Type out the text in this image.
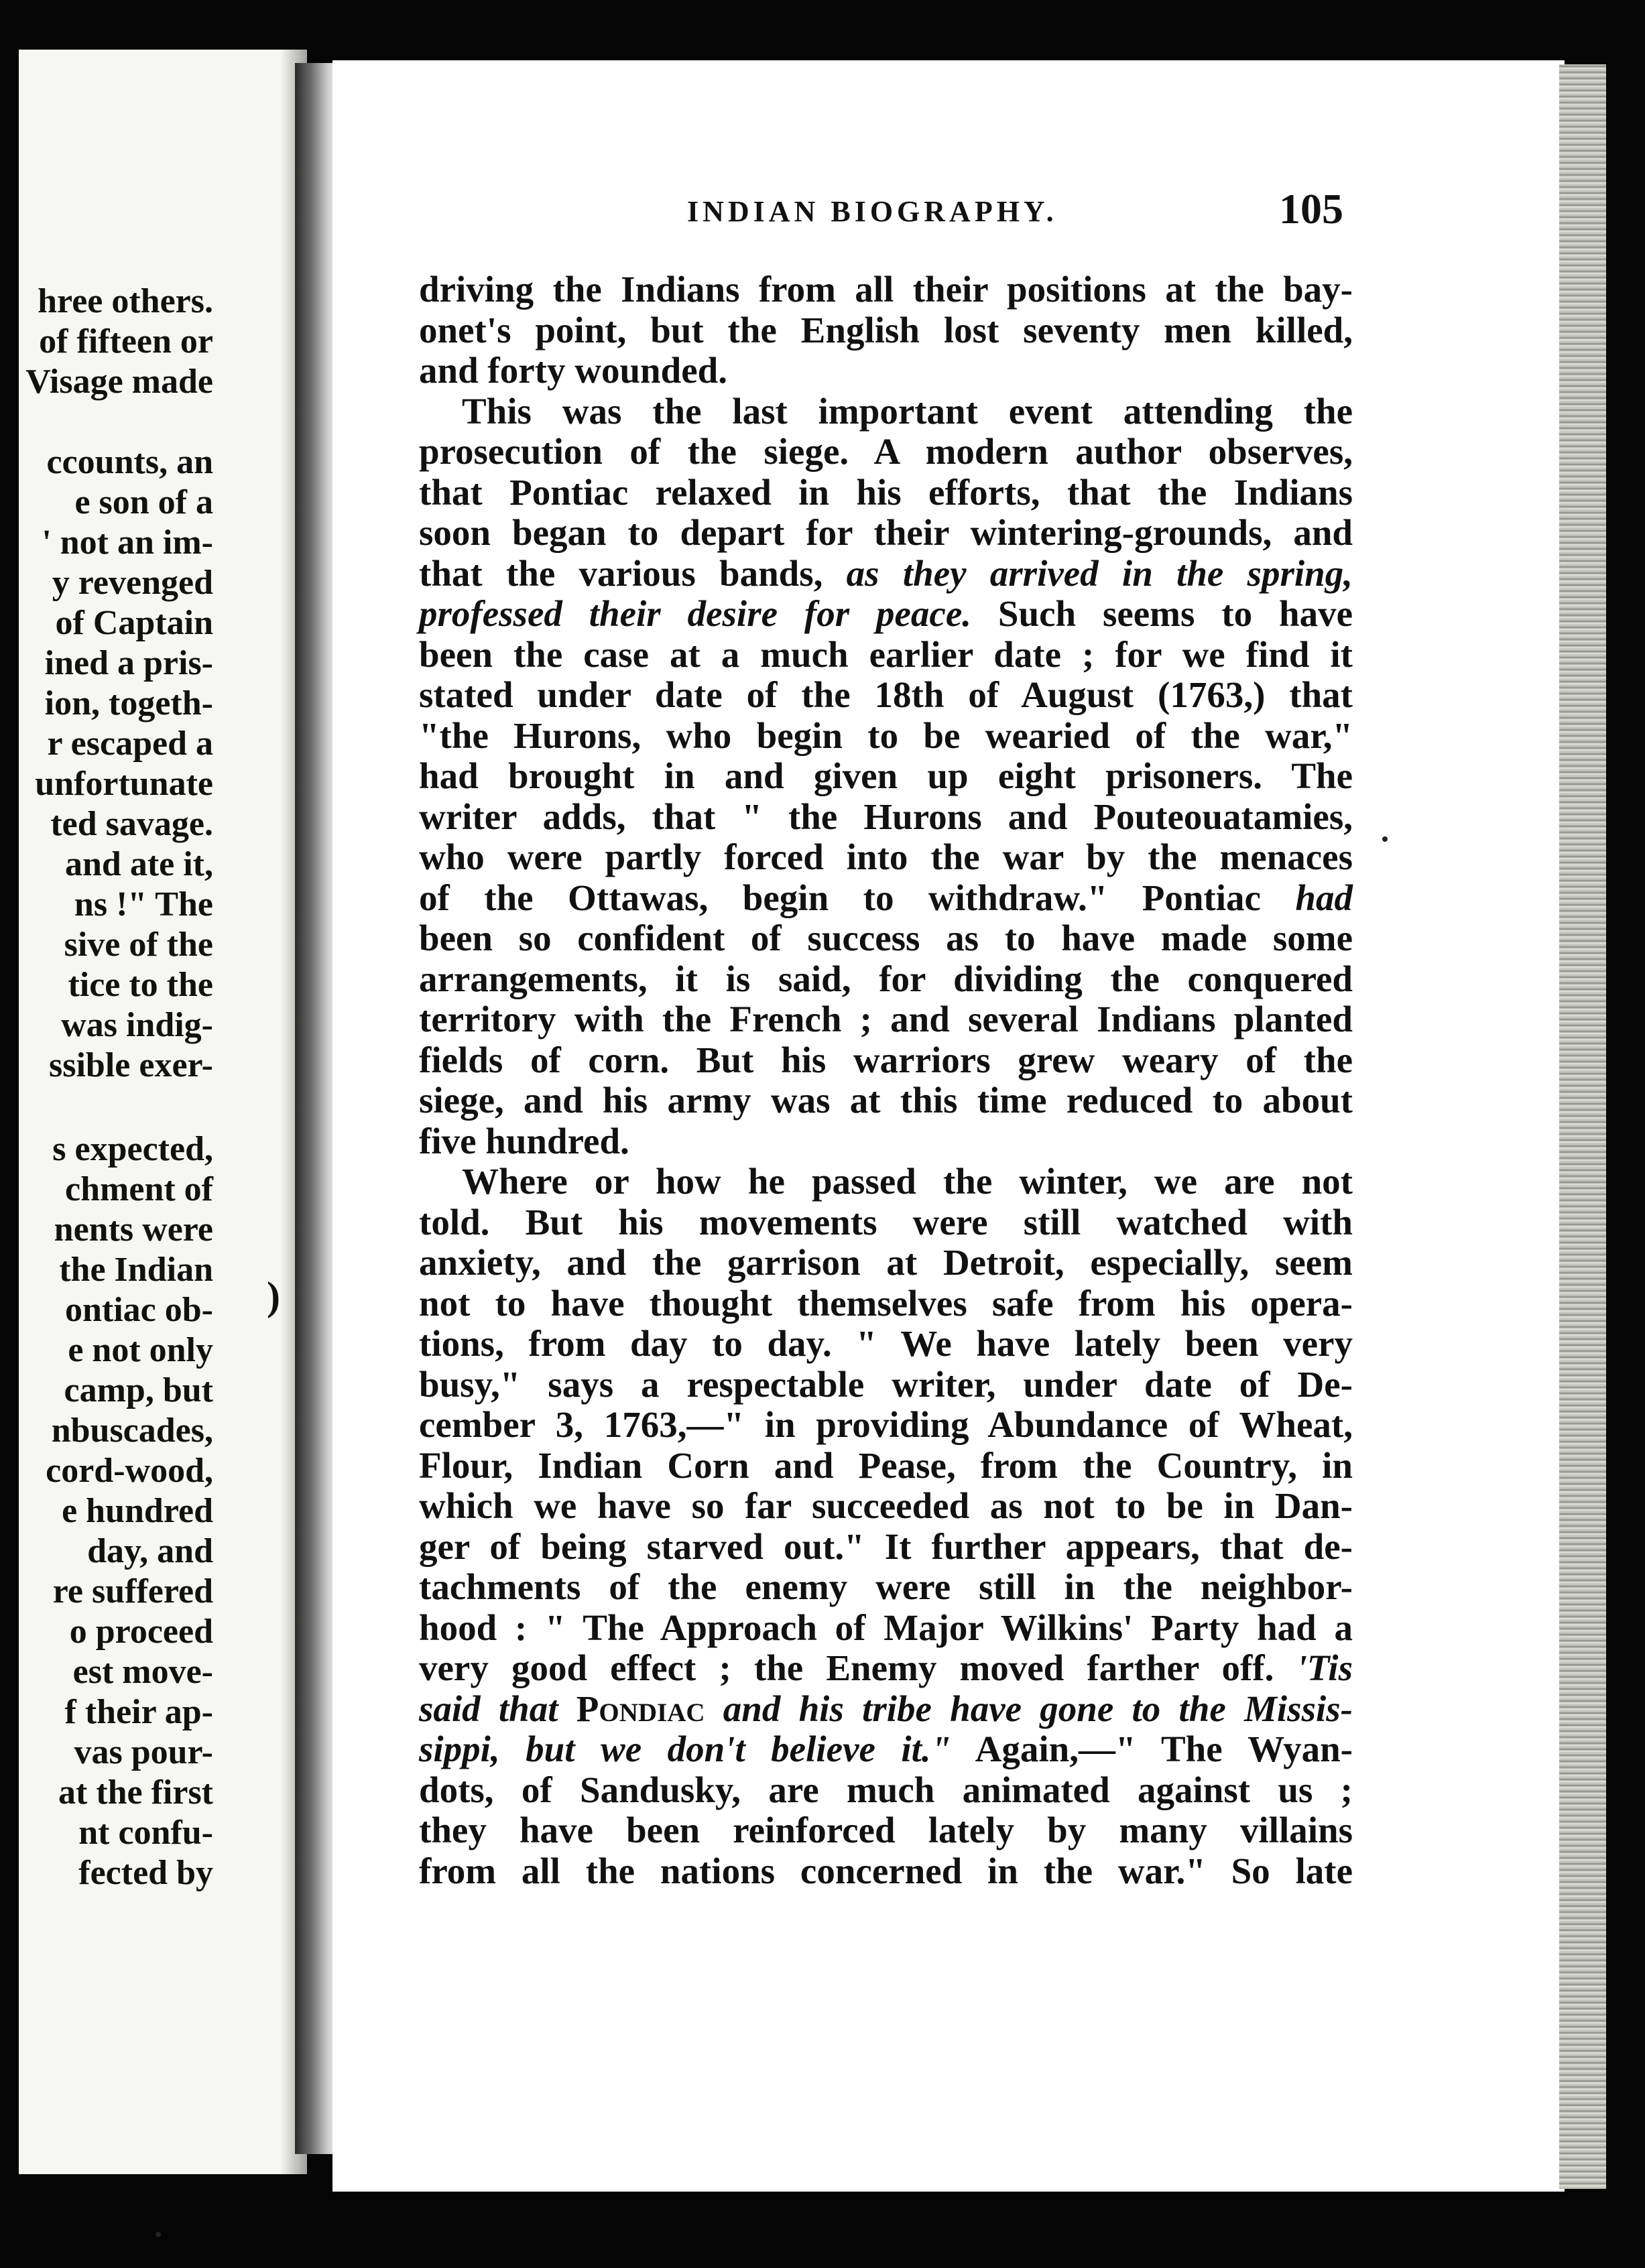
hree others.
of fifteen or
Visage made
ccounts, an
e son of a
' not an im-
y revenged
of Captain
ined a pris-
ion, togeth-
r escaped a
unfortunate
ted savage.
and ate it,
ns !" The
sive of the
tice to the
was indig-
ssible exer-
s expected,
chment of
nents were
the Indian
ontiac ob-
e not only
camp, but
nbuscades,
cord-wood,
e hundred
day, and
re suffered
o proceed
est move-
f their ap-
vas pour-
at the first
nt confu-
fected by
)
INDIAN BIOGRAPHY.	105
driving the Indians from all their positions at the bay-
onet's point, but the English lost seventy men killed,
and forty wounded.
This was the last important event attending the
prosecution of the siege. A modern author observes,
that Pontiac relaxed in his efforts, that the Indians
soon began to depart for their wintering-grounds, and
that the various bands, as they arrived in the spring,
professed their desire for peace. Such seems to have
been the case at a much earlier date ; for we find it
stated under date of the 18th of August (1763,) that
"the Hurons, who begin to be wearied of the war,"
had brought in and given up eight prisoners. The
writer adds, that " the Hurons and Pouteouatamies,
who were partly forced into the war by the menaces
of the Ottawas, begin to withdraw." Pontiac had
been so confident of success as to have made some
arrangements, it is said, for dividing the conquered
territory with the French ; and several Indians planted
fields of corn. But his warriors grew weary of the
siege, and his army was at this time reduced to about
five hundred.
Where or how he passed the winter, we are not
told. But his movements were still watched with
anxiety, and the garrison at Detroit, especially, seem
not to have thought themselves safe from his opera-
tions, from day to day. " We have lately been very
busy," says a respectable writer, under date of De-
cember 3, 1763,—" in providing Abundance of Wheat,
Flour, Indian Corn and Pease, from the Country, in
which we have so far succeeded as not to be in Dan-
ger of being starved out." It further appears, that de-
tachments of the enemy were still in the neighbor-
hood : " The Approach of Major Wilkins' Party had a
very good effect ; the Enemy moved farther off. 'Tis
said that Pondiac and his tribe have gone to the Missis-
sippi, but we don't believe it." Again,—" The Wyan-
dots, of Sandusky, are much animated against us ;
they have been reinforced lately by many villains
from all the nations concerned in the war." So late
